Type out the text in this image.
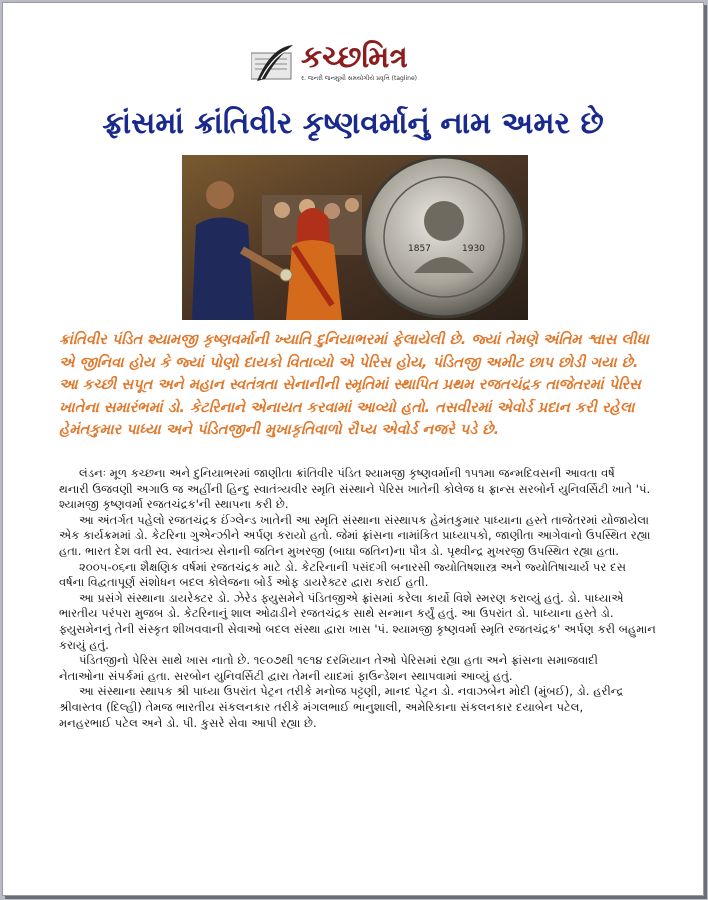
કચ્છમિત્ર
ર. જનરી જનમુખી સમયોગીયે પ્રવૃત્તિ (tagline)
ફ્રાંસમાં ક્રાંતિવીર કૃષ્ણવર્માનું નામ અમર છે
1857	1930

ક્રાંતિવીર પંડિત શ્યામજી કૃષ્ણવર્માની ખ્યાતિ દુનિયાભરમાં ફેલાયેલી છે. જ્યાં તેમણે અંતિમ શ્વાસ લીધા

એ જીનિવા હોય કે જ્યાં પોણો દાયકો વિતાવ્યો એ પેરિસ હોય, પંડિતજી અમીટ છાપ છોડી ગયા છે.

આ કચ્છી સપૂત અને મહાન સ્વતંત્રતા સેનાનીની સ્મૃતિમાં સ્થાપિત પ્રથમ રજતચંદ્રક તાજેતરમાં પેરિસ

ખાતેના સમારંભમાં ડો. કેટરિનાને એનાયત કરવામાં આવ્યો હતો. તસવીરમાં એવોર્ડ પ્રદાન કરી રહેલા

હેમંતકુમાર પાધ્યા અને પંડિતજીની મુખાકૃતિવાળો રૌપ્ય એવોર્ડ નજરે પડે છે.

લંડનઃ મૂળ કચ્છના અને દુનિયાભરમાં જાણીતા ક્રાંતિવીર પંડિત શ્યામજી કૃષ્ણવર્માની ૧૫૧મા જન્મદિવસની આવતા વર્ષે

થનારી ઉજવણી અગાઉ જ અહીંની હિન્દુ સ્વાતંત્ર્યવીર સ્મૃતિ સંસ્થાને પેરિસ ખાતેની કોલેજ ધ ફ્રાન્સ સરબોર્ન યુનિવર્સિટી ખાતે 'પં.

શ્યામજી કૃષ્ણવર્મા રજતચંદ્રક'ની સ્થાપના કરી છે.

આ અંતર્ગત પહેલો રજતચંદ્રક ઈંગ્લેન્ડ ખાતેની આ સ્મૃતિ સંસ્થાના સંસ્થાપક હેમંતકુમાર પાધ્યાના હસ્તે તાજેતરમાં યોજાયેલા

એક કાર્યક્રમમાં ડો. કેટરિના ગુએન્ઝીને અર્પણ કરાયો હતો. જેમાં ફ્રાંસના નામાંકિત પ્રાધ્યાપકો, જાણીતા આગેવાનો ઉપસ્થિત રહ્યા

હતા. ભારત દેશ વતી સ્વ. સ્વાતંત્ર્ય સેનાની જતિન મુખરજી (બાઘા જતિન)ના પૌત્ર ડો. પૃથ્વીન્દ્ર મુખરજી ઉપસ્થિત રહ્યા હતા.

૨૦૦૫-૦૬ના શૈક્ષણિક વર્ષમાં રજતચંદ્રક માટે ડો. કેટરિનાની પસંદગી બનારસી જ્યોતિષશાસ્ત્ર અને જ્યોતિષાચાર્ય પર દસ

વર્ષના વિદ્વતાપૂર્ણ સંશોધન બદલ કોલેજના બોર્ડ ઓફ ડાયરેક્ટર દ્વારા કરાઈ હતી.

આ પ્રસંગે સંસ્થાના ડાયરેક્ટર ડો. ઝેરેડ ફ્યુસમેને પંડિતજીએ ફ્રાંસમાં કરેલા કાર્યો વિશે સ્મરણ કરાવ્યું હતું. ડો. પાધ્યાએ

ભારતીય પરંપરા મુજબ ડો. કેટરિનાનું શાલ ઓઢાડીને રજતચંદ્રક સાથે સન્માન કર્યું હતું. આ ઉપરાંત ડો. પાધ્યાના હસ્તે ડો.

ફ્યુસમેનનું તેની સંસ્કૃત શીખવવાની સેવાઓ બદલ સંસ્થા દ્વારા ખાસ 'પં. શ્યામજી કૃષ્ણવર્મા સ્મૃતિ રજતચંદ્રક' અર્પણ કરી બહુમાન

કરાયું હતું.

પંડિતજીનો પેરિસ સાથે ખાસ નાતો છે. ૧૯૦૭થી ૧૯૧૪ દરમિયાન તેઓ પેરિસમાં રહ્યા હતા અને ફ્રાંસના સમાજવાદી

નેતાઓના સંપર્કમાં હતા. સરબોન યુનિવર્સિટી દ્વારા તેમની યાદમાં ફાઉન્ડેશન સ્થાપવામાં આવ્યું હતું.

આ સંસ્થાના સ્થાપક શ્રી પાધ્યા ઉપરાંત પેટ્રન તરીકે મનોજ પટ્ટણી, માનદ પેટ્રન ડો. નવાઝબેન મોદી (મુંબઈ), ડો. હરીન્દ્ર

શ્રીવાસ્તવ (દિલ્હી) તેમજ ભારતીય સંકલનકાર તરીકે મંગલભાઈ ભાનુશાલી, અમેરિકાના સંકલનકાર દયાબેન પટેલ,

મનહરભાઈ પટેલ અને ડો. પી. કુસરે સેવા આપી રહ્યા છે.
